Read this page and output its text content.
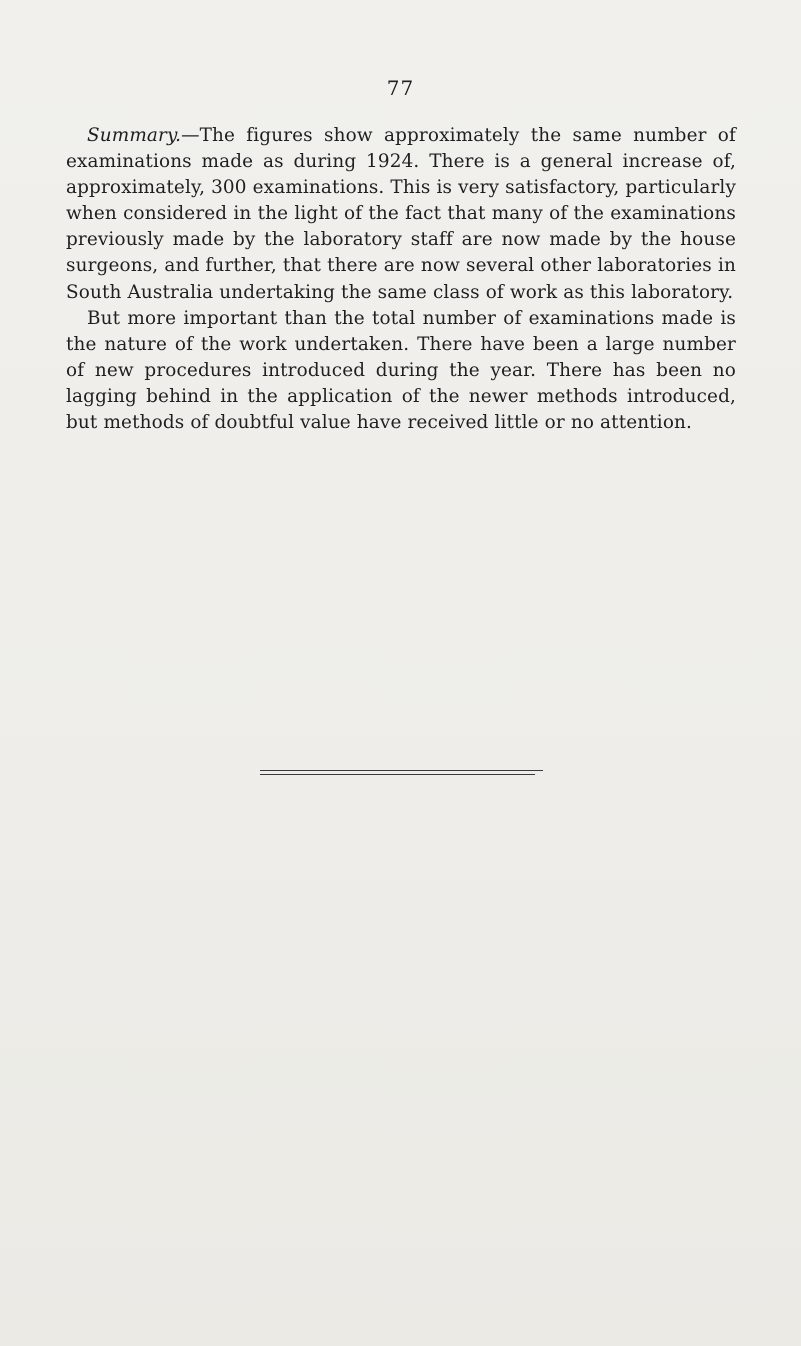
77

Summary.—The figures show approximately the same number of examinations made as during 1924. There is a general increase of, approximately, 300 examinations. This is very satisfactory, particularly when considered in the light of the fact that many of the examinations previously made by the laboratory staff are now made by the house surgeons, and further, that there are now several other laboratories in South Australia undertaking the same class of work as this laboratory.

But more important than the total number of examinations made is the nature of the work undertaken. There have been a large number of new procedures introduced during the year. There has been no lagging behind in the application of the newer methods introduced, but methods of doubtful value have received little or no attention.
